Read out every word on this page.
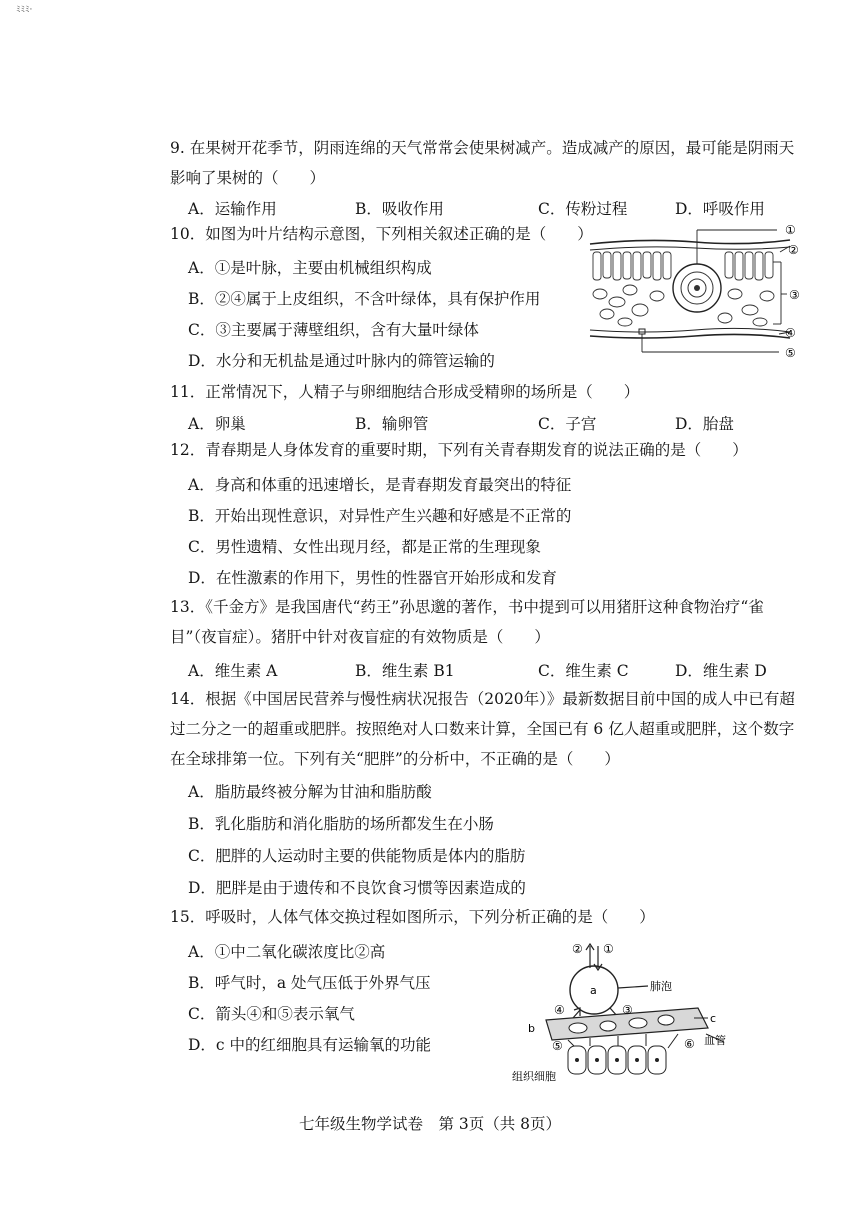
ﾐﾐﾐ·
9. 在果树开花季节，阴雨连绵的天气常常会使果树减产。造成减产的原因，最可能是阴雨天
影响了果树的（　　）
A．运输作用	B．吸收作用	C．传粉过程	D．呼吸作用
10．如图为叶片结构示意图，下列相关叙述正确的是（　　）
A．①是叶脉，主要由机械组织构成
B．②④属于上皮组织，不含叶绿体，具有保护作用
C．③主要属于薄壁组织，含有大量叶绿体
D．水分和无机盐是通过叶脉内的筛管运输的
①
②
③
④
⑤
11．正常情况下，人精子与卵细胞结合形成受精卵的场所是（　　）
A．卵巢	B．输卵管	C．子宫	D．胎盘
12．青春期是人身体发育的重要时期，下列有关青春期发育的说法正确的是（　　）
A．身高和体重的迅速增长，是青春期发育最突出的特征
B．开始出现性意识，对异性产生兴趣和好感是不正常的
C．男性遗精、女性出现月经，都是正常的生理现象
D．在性激素的作用下，男性的性器官开始形成和发育
13．《千金方》是我国唐代“药王”孙思邈的著作，书中提到可以用猪肝这种食物治疗“雀
目”（夜盲症）。猪肝中针对夜盲症的有效物质是（　　）
A．维生素 A	B．维生素 B1	C．维生素 C	D．维生素 D
14．根据《中国居民营养与慢性病状况报告（2020年）》最新数据目前中国的成人中已有超
过二分之一的超重或肥胖。按照绝对人口数来计算，全国已有 6 亿人超重或肥胖，这个数字
在全球排第一位。下列有关“肥胖”的分析中，不正确的是（　　）
A．脂肪最终被分解为甘油和脂肪酸
B．乳化脂肪和消化脂肪的场所都发生在小肠
C．肥胖的人运动时主要的供能物质是体内的脂肪
D．肥胖是由于遗传和不良饮食习惯等因素造成的
15．呼吸时，人体气体交换过程如图所示，下列分析正确的是（　　）
A．①中二氧化碳浓度比②高
B．呼气时，a 处气压低于外界气压
C．箭头④和⑤表示氧气
D．c 中的红细胞具有运输氧的功能
② ①
a	肺泡
④	③
b
c
血管
⑤	⑥
组织细胞
七年级生物学试卷　第 3页（共 8页）
